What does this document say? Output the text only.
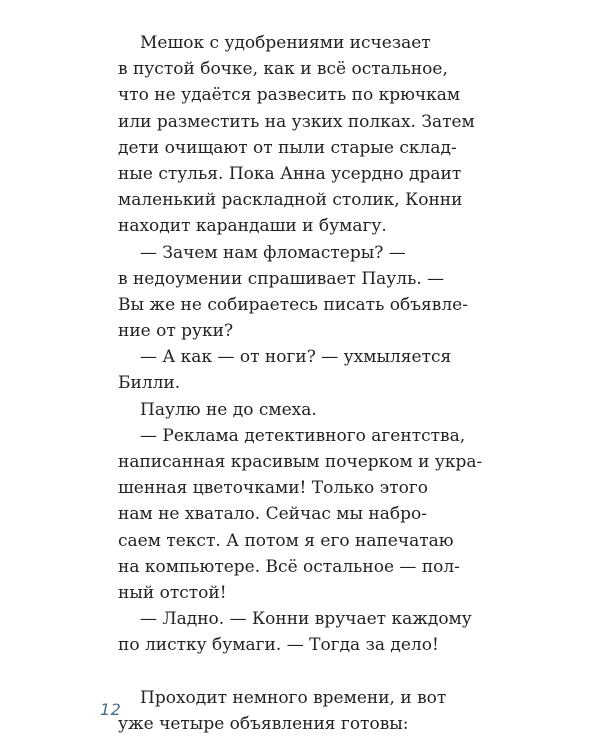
Мешок с удобрениями исчезает
в пустой бочке, как и всё остальное,
что не удаётся развесить по крючкам
или разместить на узких полках. Затем
дети очищают от пыли старые склад-
ные стулья. Пока Анна усердно драит
маленький раскладной столик, Конни
находит карандаши и бумагу.
— Зачем нам фломастеры? —
в недоумении спрашивает Пауль. —
Вы же не собираетесь писать объявле-
ние от руки?
— А как — от ноги? — ухмыляется
Билли.
Паулю не до смеха.
— Реклама детективного агентства,
написанная красивым почерком и укра-
шенная цветочками! Только этого
нам не хватало. Сейчас мы набро-
саем текст. А потом я его напечатаю
на компьютере. Всё остальное — пол-
ный отстой!
— Ладно. — Конни вручает каждому
по листку бумаги. — Тогда за дело!
Проходит немного времени, и вот
уже четыре объявления готовы:
12
